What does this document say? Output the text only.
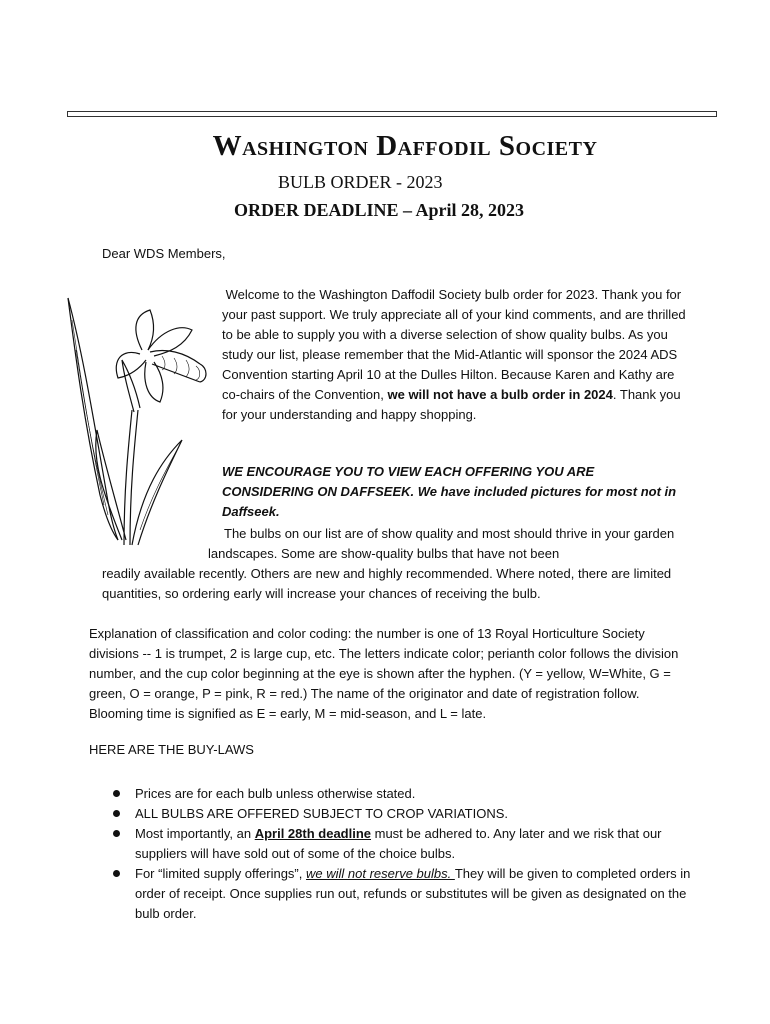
Washington Daffodil Society
BULB ORDER - 2023
ORDER DEADLINE – April 28, 2023

Dear WDS Members,

Welcome to the Washington Daffodil Society bulb order for 2023. Thank you for your past support. We truly appreciate all of your kind comments, and are thrilled to be able to supply you with a diverse selection of show quality bulbs. As you study our list, please remember that the Mid-Atlantic will sponsor the 2024 ADS Convention starting April 10 at the Dulles Hilton. Because Karen and Kathy are co-chairs of the Convention, we will not have a bulb order in 2024. Thank you for your understanding and happy shopping.

WE ENCOURAGE YOU TO VIEW EACH OFFERING YOU ARE CONSIDERING ON DAFFSEEK. We have included pictures for most not in Daffseek.

The bulbs on our list are of show quality and most should thrive in your garden landscapes. Some are show-quality bulbs that have not been

readily available recently. Others are new and highly recommended. Where noted, there are limited quantities, so ordering early will increase your chances of receiving the bulb.

Explanation of classification and color coding: the number is one of 13 Royal Horticulture Society divisions -- 1 is trumpet, 2 is large cup, etc. The letters indicate color; perianth color follows the division number, and the cup color beginning at the eye is shown after the hyphen. (Y = yellow, W=White, G = green, O = orange, P = pink, R = red.) The name of the originator and date of registration follow. Blooming time is signified as E = early, M = mid-season, and L = late.

HERE ARE THE BUY-LAWS

Prices are for each bulb unless otherwise stated.
ALL BULBS ARE OFFERED SUBJECT TO CROP VARIATIONS.
Most importantly, an April 28th deadline must be adhered to. Any later and we risk that our suppliers will have sold out of some of the choice bulbs.
For “limited supply offerings”, we will not reserve bulbs. They will be given to completed orders in order of receipt. Once supplies run out, refunds or substitutes will be given as designated on the bulb order.
